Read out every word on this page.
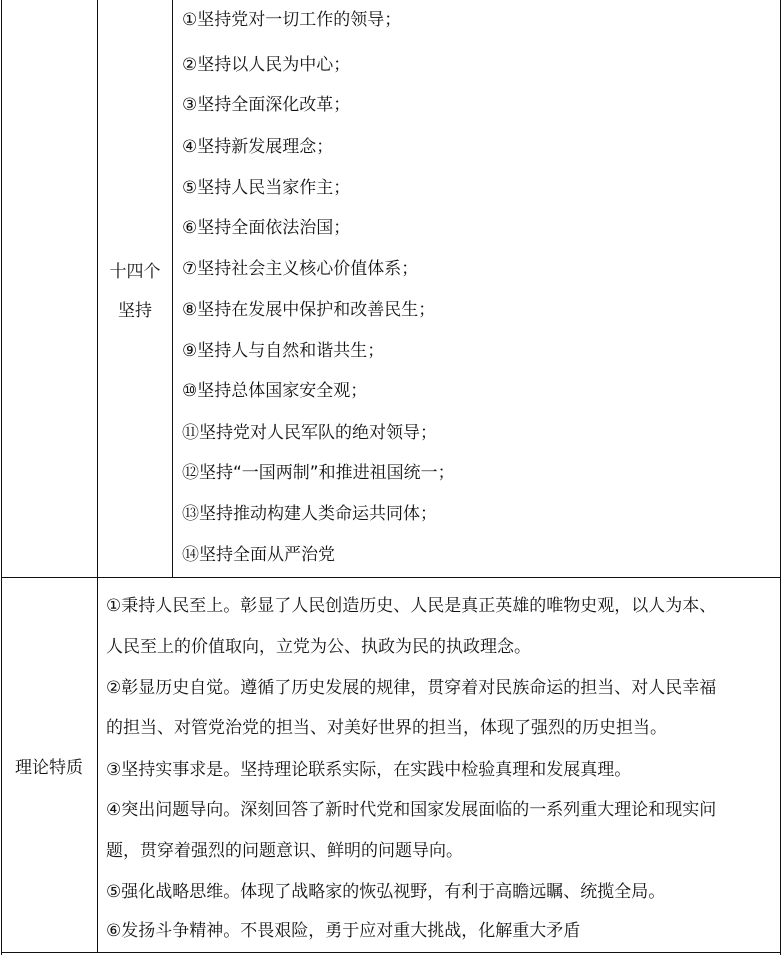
十四个
坚持
①坚持党对一切工作的领导；
②坚持以人民为中心；
③坚持全面深化改革；
④坚持新发展理念；
⑤坚持人民当家作主；
⑥坚持全面依法治国；
⑦坚持社会主义核心价值体系；
⑧坚持在发展中保护和改善民生；
⑨坚持人与自然和谐共生；
⑩坚持总体国家安全观；
⑪坚持党对人民军队的绝对领导；
⑫坚持“一国两制”和推进祖国统一；
⑬坚持推动构建人类命运共同体；
⑭坚持全面从严治党
理论特质
①秉持人民至上。彰显了人民创造历史、人民是真正英雄的唯物史观，以人为本、
人民至上的价值取向，立党为公、执政为民的执政理念。
②彰显历史自觉。遵循了历史发展的规律，贯穿着对民族命运的担当、对人民幸福
的担当、对管党治党的担当、对美好世界的担当，体现了强烈的历史担当。
③坚持实事求是。坚持理论联系实际，在实践中检验真理和发展真理。
④突出问题导向。深刻回答了新时代党和国家发展面临的一系列重大理论和现实问
题，贯穿着强烈的问题意识、鲜明的问题导向。
⑤强化战略思维。体现了战略家的恢弘视野，有利于高瞻远瞩、统揽全局。
⑥发扬斗争精神。不畏艰险，勇于应对重大挑战，化解重大矛盾
